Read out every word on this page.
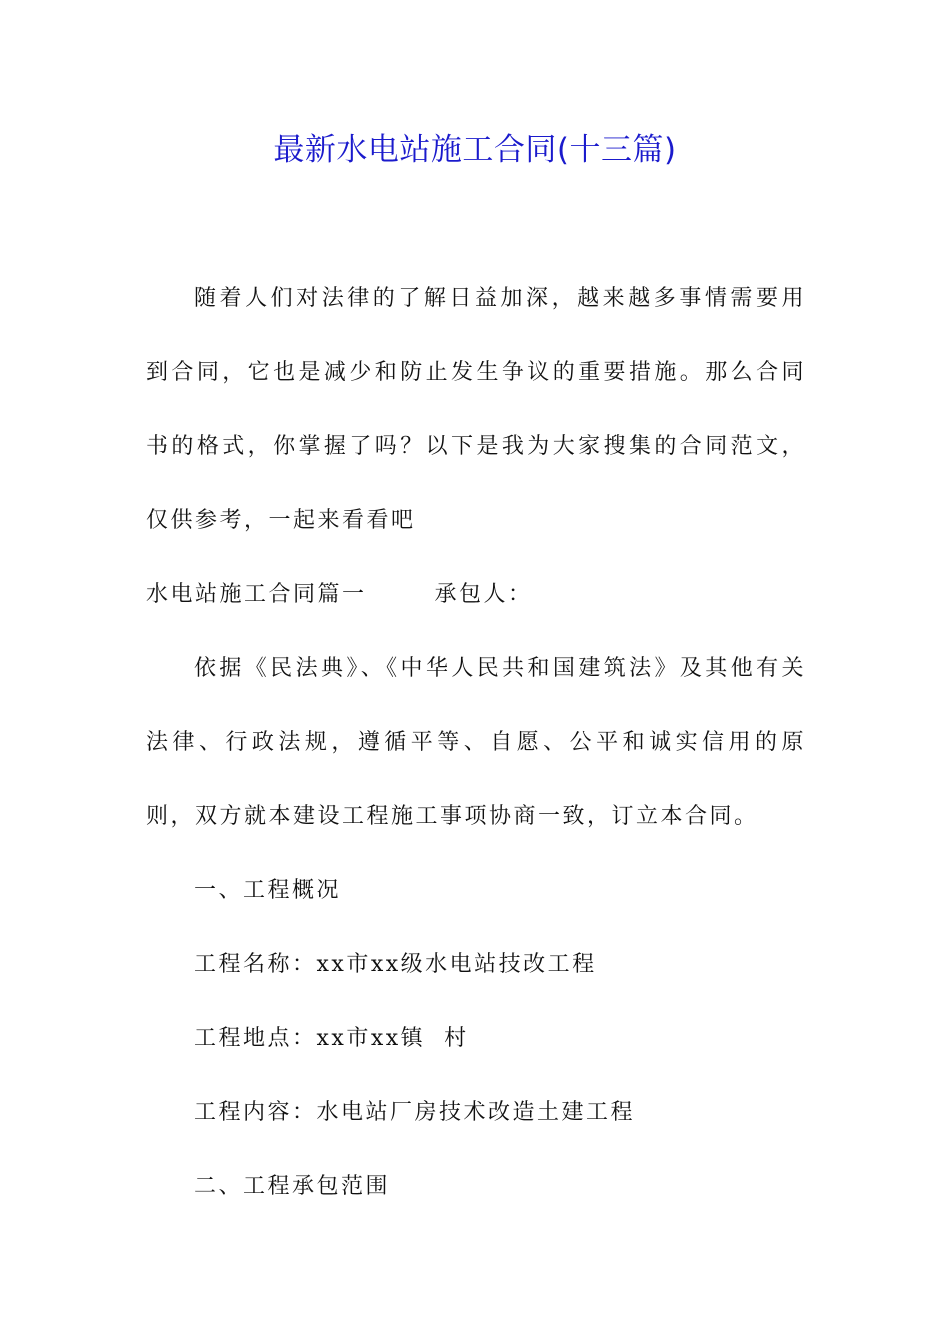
最新水电站施工合同(十三篇)

随着人们对法律的了解日益加深，越来越多事情需要用到合同，它也是减少和防止发生争议的重要措施。那么合同书的格式，你掌握了吗？以下是我为大家搜集的合同范文，仅供参考，一起来看看吧

水电站施工合同篇一	承包人：

依据《民法典》、《中华人民共和国建筑法》及其他有关法律、行政法规，遵循平等、自愿、公平和诚实信用的原则，双方就本建设工程施工事项协商一致，订立本合同。

一、工程概况

工程名称：xx市xx级水电站技改工程

工程地点：xx市xx镇  村

工程内容：水电站厂房技术改造土建工程

二、工程承包范围
